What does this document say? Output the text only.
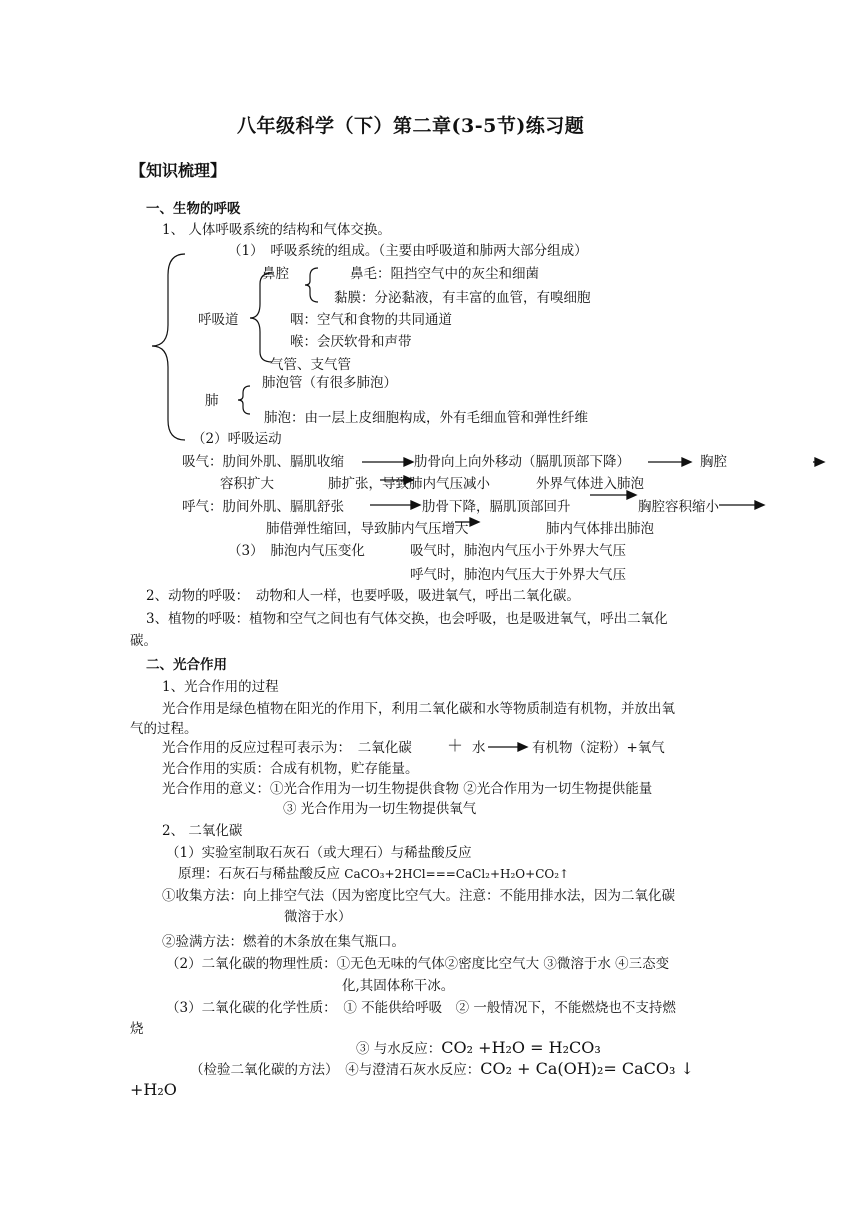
八年级科学（下）第二章(3-5节)练习题
【知识梳理】
一、生物的呼吸
1、 人体呼吸系统的结构和气体交换。
（1）　呼吸系统的组成。（主要由呼吸道和肺两大部分组成）
鼻腔	鼻毛：阻挡空气中的灰尘和细菌
黏膜：分泌黏液，有丰富的血管，有嗅细胞
呼吸道	咽：空气和食物的共同通道
喉：会厌软骨和声带
气管、支气管
肺泡管（有很多肺泡）
肺
肺泡：由一层上皮细胞构成，外有毛细血管和弹性纤维
（2）呼吸运动
吸气：肋间外肌、膈肌收缩	肋骨向上向外移动（膈肌顶部下降）	胸腔
容积扩大	肺扩张，导致肺内气压减小	外界气体进入肺泡
呼气：肋间外肌、膈肌舒张	肋骨下降，膈肌顶部回升	胸腔容积缩小
肺借弹性缩回，导致肺内气压增大	肺内气体排出肺泡
（3）　肺泡内气压变化	吸气时，肺泡内气压小于外界大气压
呼气时，肺泡内气压大于外界大气压
2、动物的呼吸：　动物和人一样，也要呼吸，吸进氧气，呼出二氧化碳。
3、植物的呼吸：植物和空气之间也有气体交换，也会呼吸，也是吸进氧气，呼出二氧化
碳。
二、光合作用
1、光合作用的过程
光合作用是绿色植物在阳光的作用下，利用二氧化碳和水等物质制造有机物，并放出氧
气的过程。
光合作用的反应过程可表示为：　二氧化碳 ＋ 水	有机物（淀粉）+氧气
光合作用的实质：合成有机物，贮存能量。
光合作用的意义：①光合作用为一切生物提供食物 ②光合作用为一切生物提供能量
③ 光合作用为一切生物提供氧气
2、 二氧化碳
（1）实验室制取石灰石（或大理石）与稀盐酸反应
原理：石灰石与稀盐酸反应 CaCO₃+2HCl===CaCl₂+H₂O+CO₂↑
①收集方法：向上排空气法（因为密度比空气大。注意：不能用排水法，因为二氧化碳
微溶于水）
②验满方法：燃着的木条放在集气瓶口。
（2）二氧化碳的物理性质：①无色无味的气体②密度比空气大 ③微溶于水 ④三态变
化,其固体称干冰。
（3）二氧化碳的化学性质：　① 不能供给呼吸　② 一般情况下，不能燃烧也不支持燃
烧
③ 与水反应：CO₂ +H₂O = H₂CO₃
（检验二氧化碳的方法）　④与澄清石灰水反应：CO₂ + Ca(OH)₂= CaCO₃ ↓
+H₂O
